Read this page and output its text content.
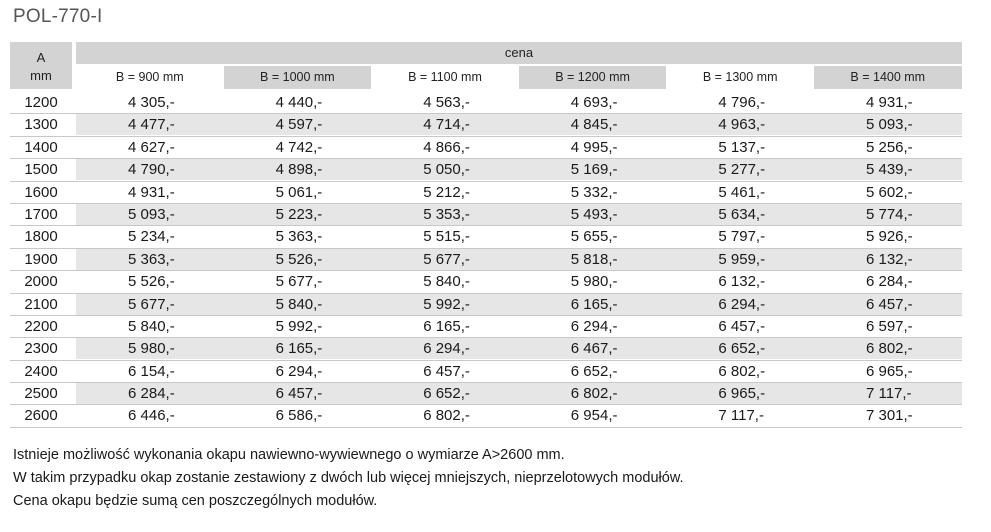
POL-770-I
A
mm
cena
B = 900 mm	B = 1000 mm	B = 1100 mm	B = 1200 mm	B = 1300 mm	B = 1400 mm
1200	4 305,-	4 440,-	4 563,-	4 693,-	4 796,-	4 931,-
1300	4 477,-	4 597,-	4 714,-	4 845,-	4 963,-	5 093,-
1400	4 627,-	4 742,-	4 866,-	4 995,-	5 137,-	5 256,-
1500	4 790,-	4 898,-	5 050,-	5 169,-	5 277,-	5 439,-
1600	4 931,-	5 061,-	5 212,-	5 332,-	5 461,-	5 602,-
1700	5 093,-	5 223,-	5 353,-	5 493,-	5 634,-	5 774,-
1800	5 234,-	5 363,-	5 515,-	5 655,-	5 797,-	5 926,-
1900	5 363,-	5 526,-	5 677,-	5 818,-	5 959,-	6 132,-
2000	5 526,-	5 677,-	5 840,-	5 980,-	6 132,-	6 284,-
2100	5 677,-	5 840,-	5 992,-	6 165,-	6 294,-	6 457,-
2200	5 840,-	5 992,-	6 165,-	6 294,-	6 457,-	6 597,-
2300	5 980,-	6 165,-	6 294,-	6 467,-	6 652,-	6 802,-
2400	6 154,-	6 294,-	6 457,-	6 652,-	6 802,-	6 965,-
2500	6 284,-	6 457,-	6 652,-	6 802,-	6 965,-	7 117,-
2600	6 446,-	6 586,-	6 802,-	6 954,-	7 117,-	7 301,-
Istnieje możliwość wykonania okapu nawiewno-wywiewnego o wymiarze A>2600 mm.
W takim przypadku okap zostanie zestawiony z dwóch lub więcej mniejszych, nieprzelotowych modułów.
Cena okapu będzie sumą cen poszczególnych modułów.
